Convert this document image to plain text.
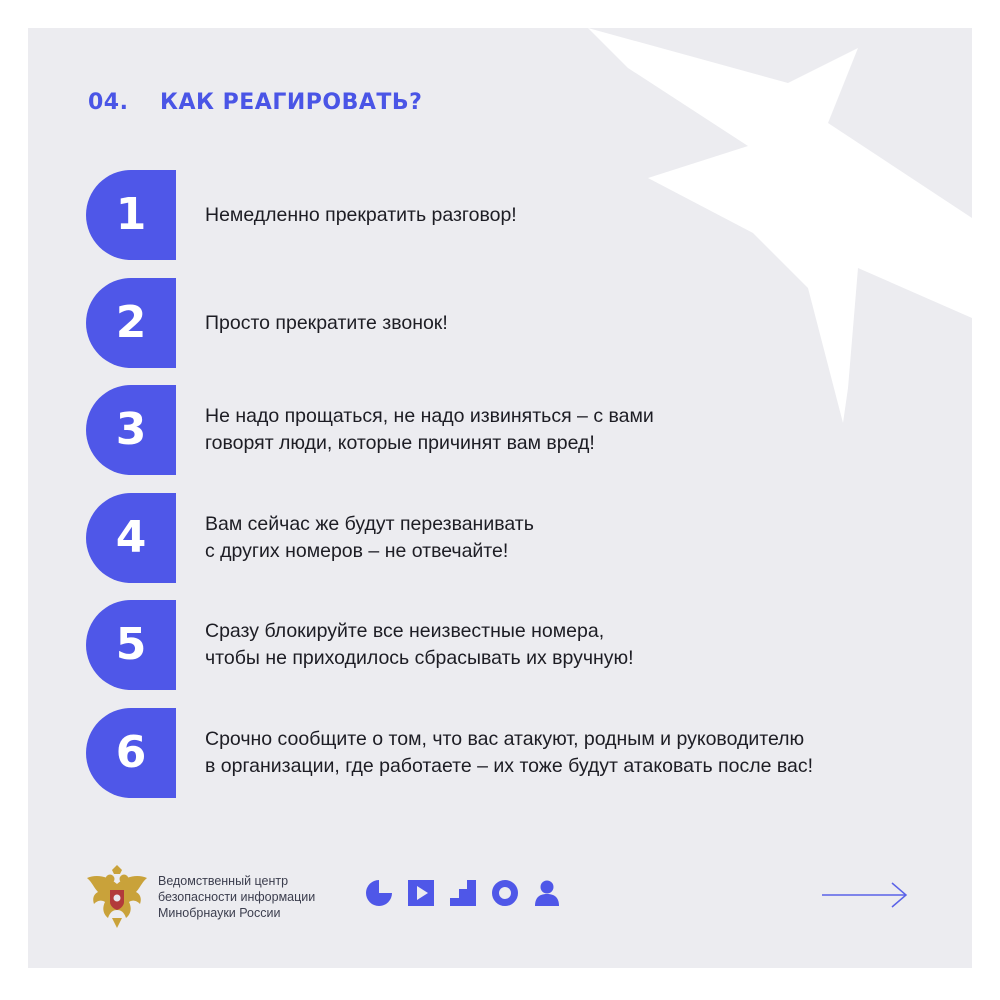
04.	КАК РЕАГИРОВАТЬ?
1	Немедленно прекратить разговор!
2	Просто прекратите звонок!
3	Не надо прощаться, не надо извиняться – с вами
говорят люди, которые причинят вам вред!
4	Вам сейчас же будут перезванивать
с других номеров – не отвечайте!
5	Сразу блокируйте все неизвестные номера,
чтобы не приходилось сбрасывать их вручную!
6	Срочно сообщите о том, что вас атакуют, родным и руководителю
в организации, где работаете – их тоже будут атаковать после вас!
Ведомственный центр
безопасности информации
Минобрнауки России
